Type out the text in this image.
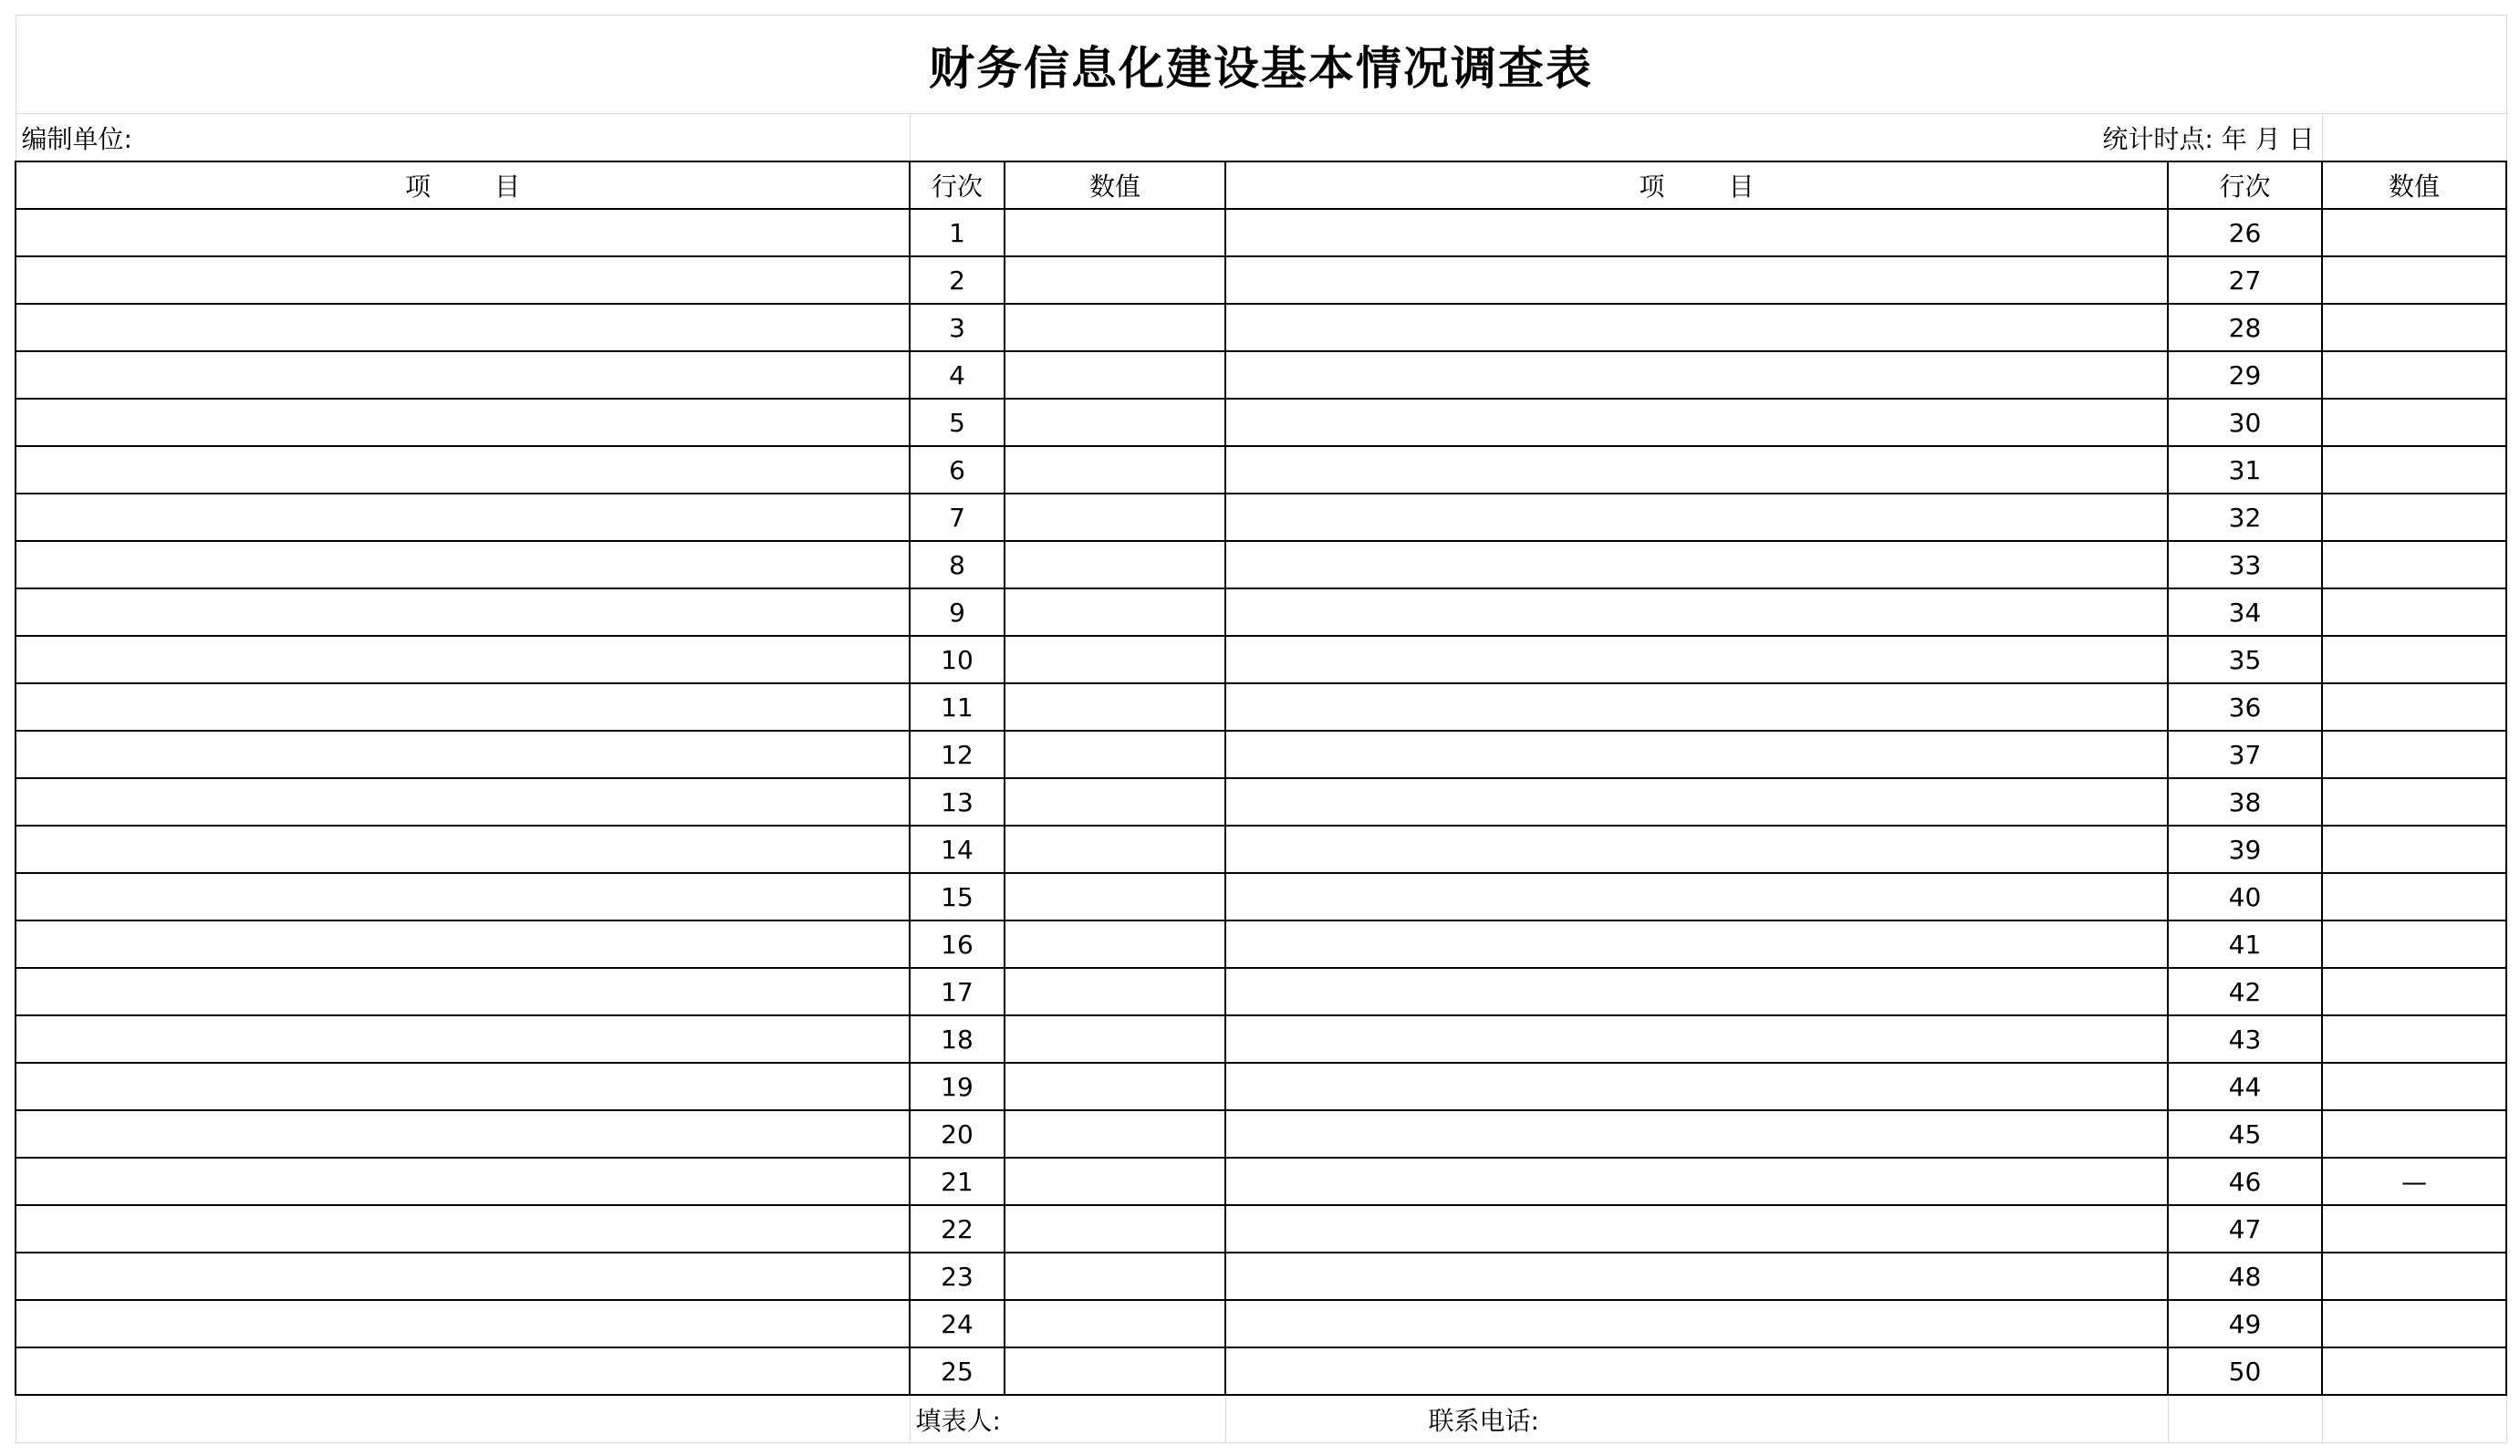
财务信息化建设基本情况调查表					
编制单位:	统计时点: 年 月 日				
项 目	行次	数值	项 目	行次	数值
	1			26	
	2			27	
	3			28	
	4			29	
	5			30	
	6			31	
	7			32	
	8			33	
	9			34	
	10			35	
	11			36	
	12			37	
	13			38	
	14			39	
	15			40	
	16			41	
	17			42	
	18			43	
	19			44	
	20			45	
	21			46	—
	22			47	
	23			48	
	24			49	
	25			50	
	填表人:		联系电话:		
